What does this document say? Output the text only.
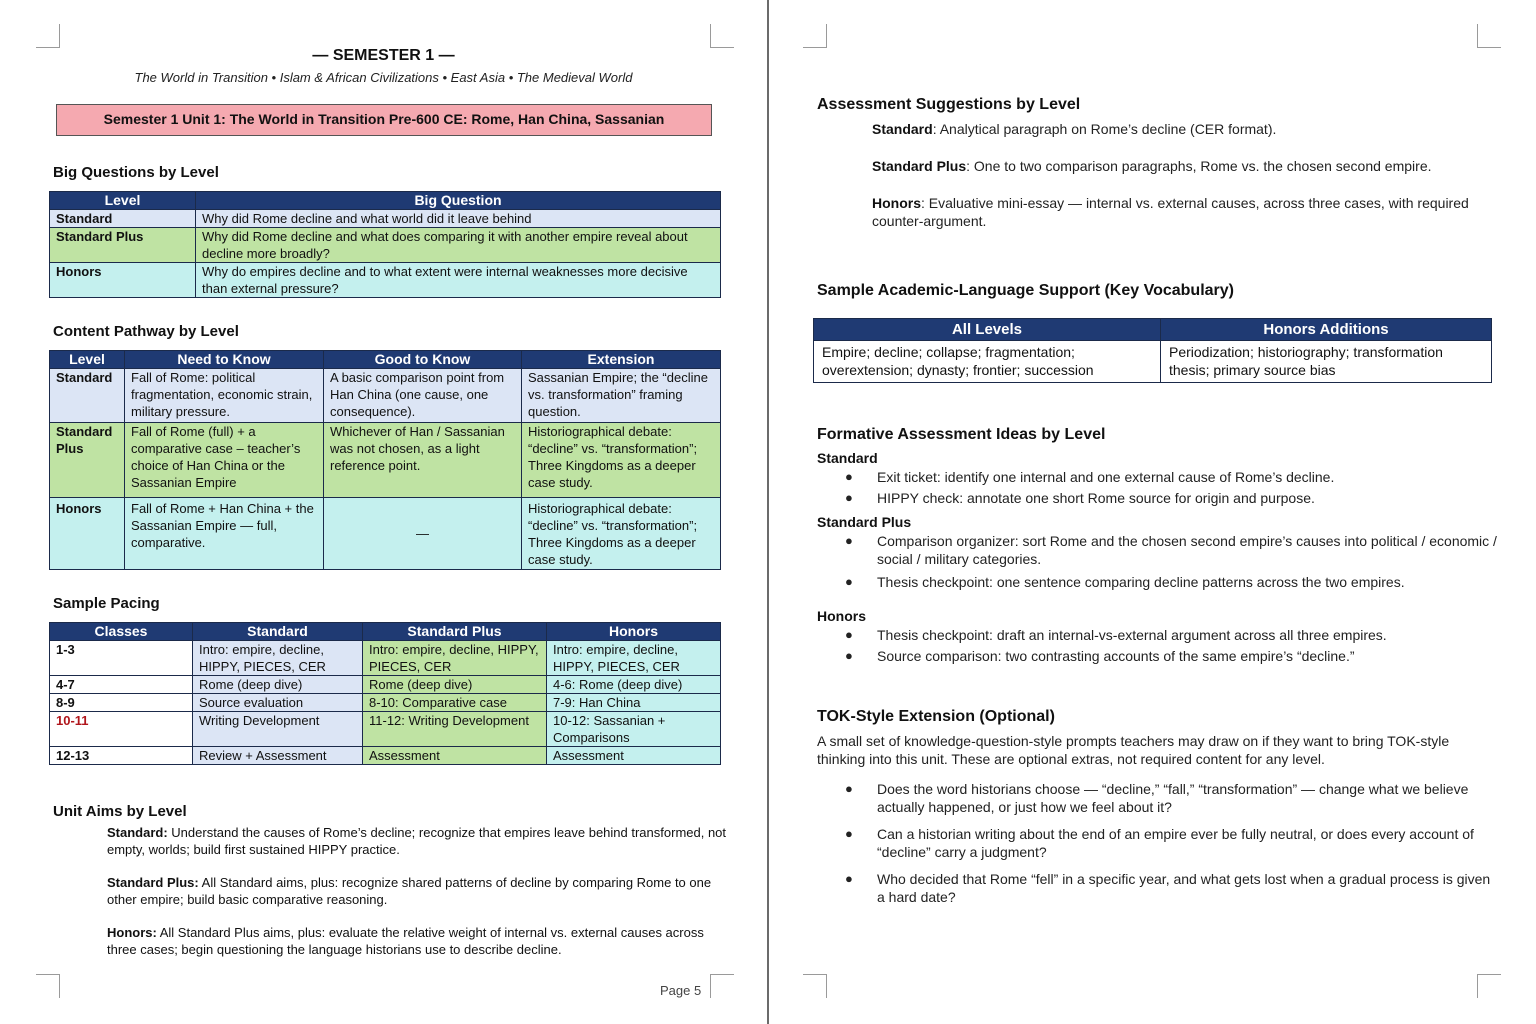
— SEMESTER 1 —
The World in Transition • Islam & African Civilizations • East Asia • The Medieval World
Semester 1 Unit 1: The World in Transition Pre-600 CE: Rome, Han China, Sassanian
Big Questions by Level
Level	Big Question
Standard	Why did Rome decline and what world did it leave behind
Standard Plus	Why did Rome decline and what does comparing it with another empire reveal about decline more broadly?
Honors	Why do empires decline and to what extent were internal weaknesses more decisive than external pressure?
Content Pathway by Level
Level	Need to Know	Good to Know	Extension
Standard	Fall of Rome: political fragmentation, economic strain, military pressure.	A basic comparison point from Han China (one cause, one consequence).	Sassanian Empire; the “decline vs. transformation” framing question.
Standard Plus	Fall of Rome (full) + a comparative case – teacher’s choice of Han China or the Sassanian Empire	Whichever of Han / Sassanian was not chosen, as a light reference point.	Historiographical debate: “decline” vs. “transformation”; Three Kingdoms as a deeper case study.
Honors	Fall of Rome + Han China + the Sassanian Empire — full, comparative.	—	Historiographical debate: “decline” vs. “transformation”; Three Kingdoms as a deeper case study.
Sample Pacing
Classes	Standard	Standard Plus	Honors
1-3	Intro: empire, decline, HIPPY, PIECES, CER	Intro: empire, decline, HIPPY, PIECES, CER	Intro: empire, decline, HIPPY, PIECES, CER
4-7	Rome (deep dive)	Rome (deep dive)	4-6: Rome (deep dive)
8-9	Source evaluation	8-10: Comparative case	7-9: Han China
10-11	Writing Development	11-12: Writing Development	10-12: Sassanian + Comparisons
12-13	Review + Assessment	Assessment	Assessment
Unit Aims by Level

Standard: Understand the causes of Rome’s decline; recognize that empires leave behind transformed, not empty, worlds; build first sustained HIPPY practice.

Standard Plus: All Standard aims, plus: recognize shared patterns of decline by comparing Rome to one other empire; build basic comparative reasoning.

Honors: All Standard Plus aims, plus: evaluate the relative weight of internal vs. external causes across three cases; begin questioning the language historians use to describe decline.

Page 5
Assessment Suggestions by Level
Standard: Analytical paragraph on Rome’s decline (CER format).
Standard Plus: One to two comparison paragraphs, Rome vs. the chosen second empire.
Honors: Evaluative mini-essay — internal vs. external causes, across three cases, with required counter-argument.
Sample Academic-Language Support (Key Vocabulary)
All Levels	Honors Additions
Empire; decline; collapse; fragmentation; overextension; dynasty; frontier; succession	Periodization; historiography; transformation thesis; primary source bias
Formative Assessment Ideas by Level
Standard
● Exit ticket: identify one internal and one external cause of Rome’s decline.
● HIPPY check: annotate one short Rome source for origin and purpose.
Standard Plus
● Comparison organizer: sort Rome and the chosen second empire’s causes into political / economic / social / military categories.
● Thesis checkpoint: one sentence comparing decline patterns across the two empires.
Honors
● Thesis checkpoint: draft an internal-vs-external argument across all three empires.
● Source comparison: two contrasting accounts of the same empire’s “decline.”
TOK-Style Extension (Optional)
A small set of knowledge-question-style prompts teachers may draw on if they want to bring TOK-style thinking into this unit. These are optional extras, not required content for any level.
● Does the word historians choose — “decline,” “fall,” “transformation” — change what we believe actually happened, or just how we feel about it?
● Can a historian writing about the end of an empire ever be fully neutral, or does every account of “decline” carry a judgment?
● Who decided that Rome “fell” in a specific year, and what gets lost when a gradual process is given a hard date?
